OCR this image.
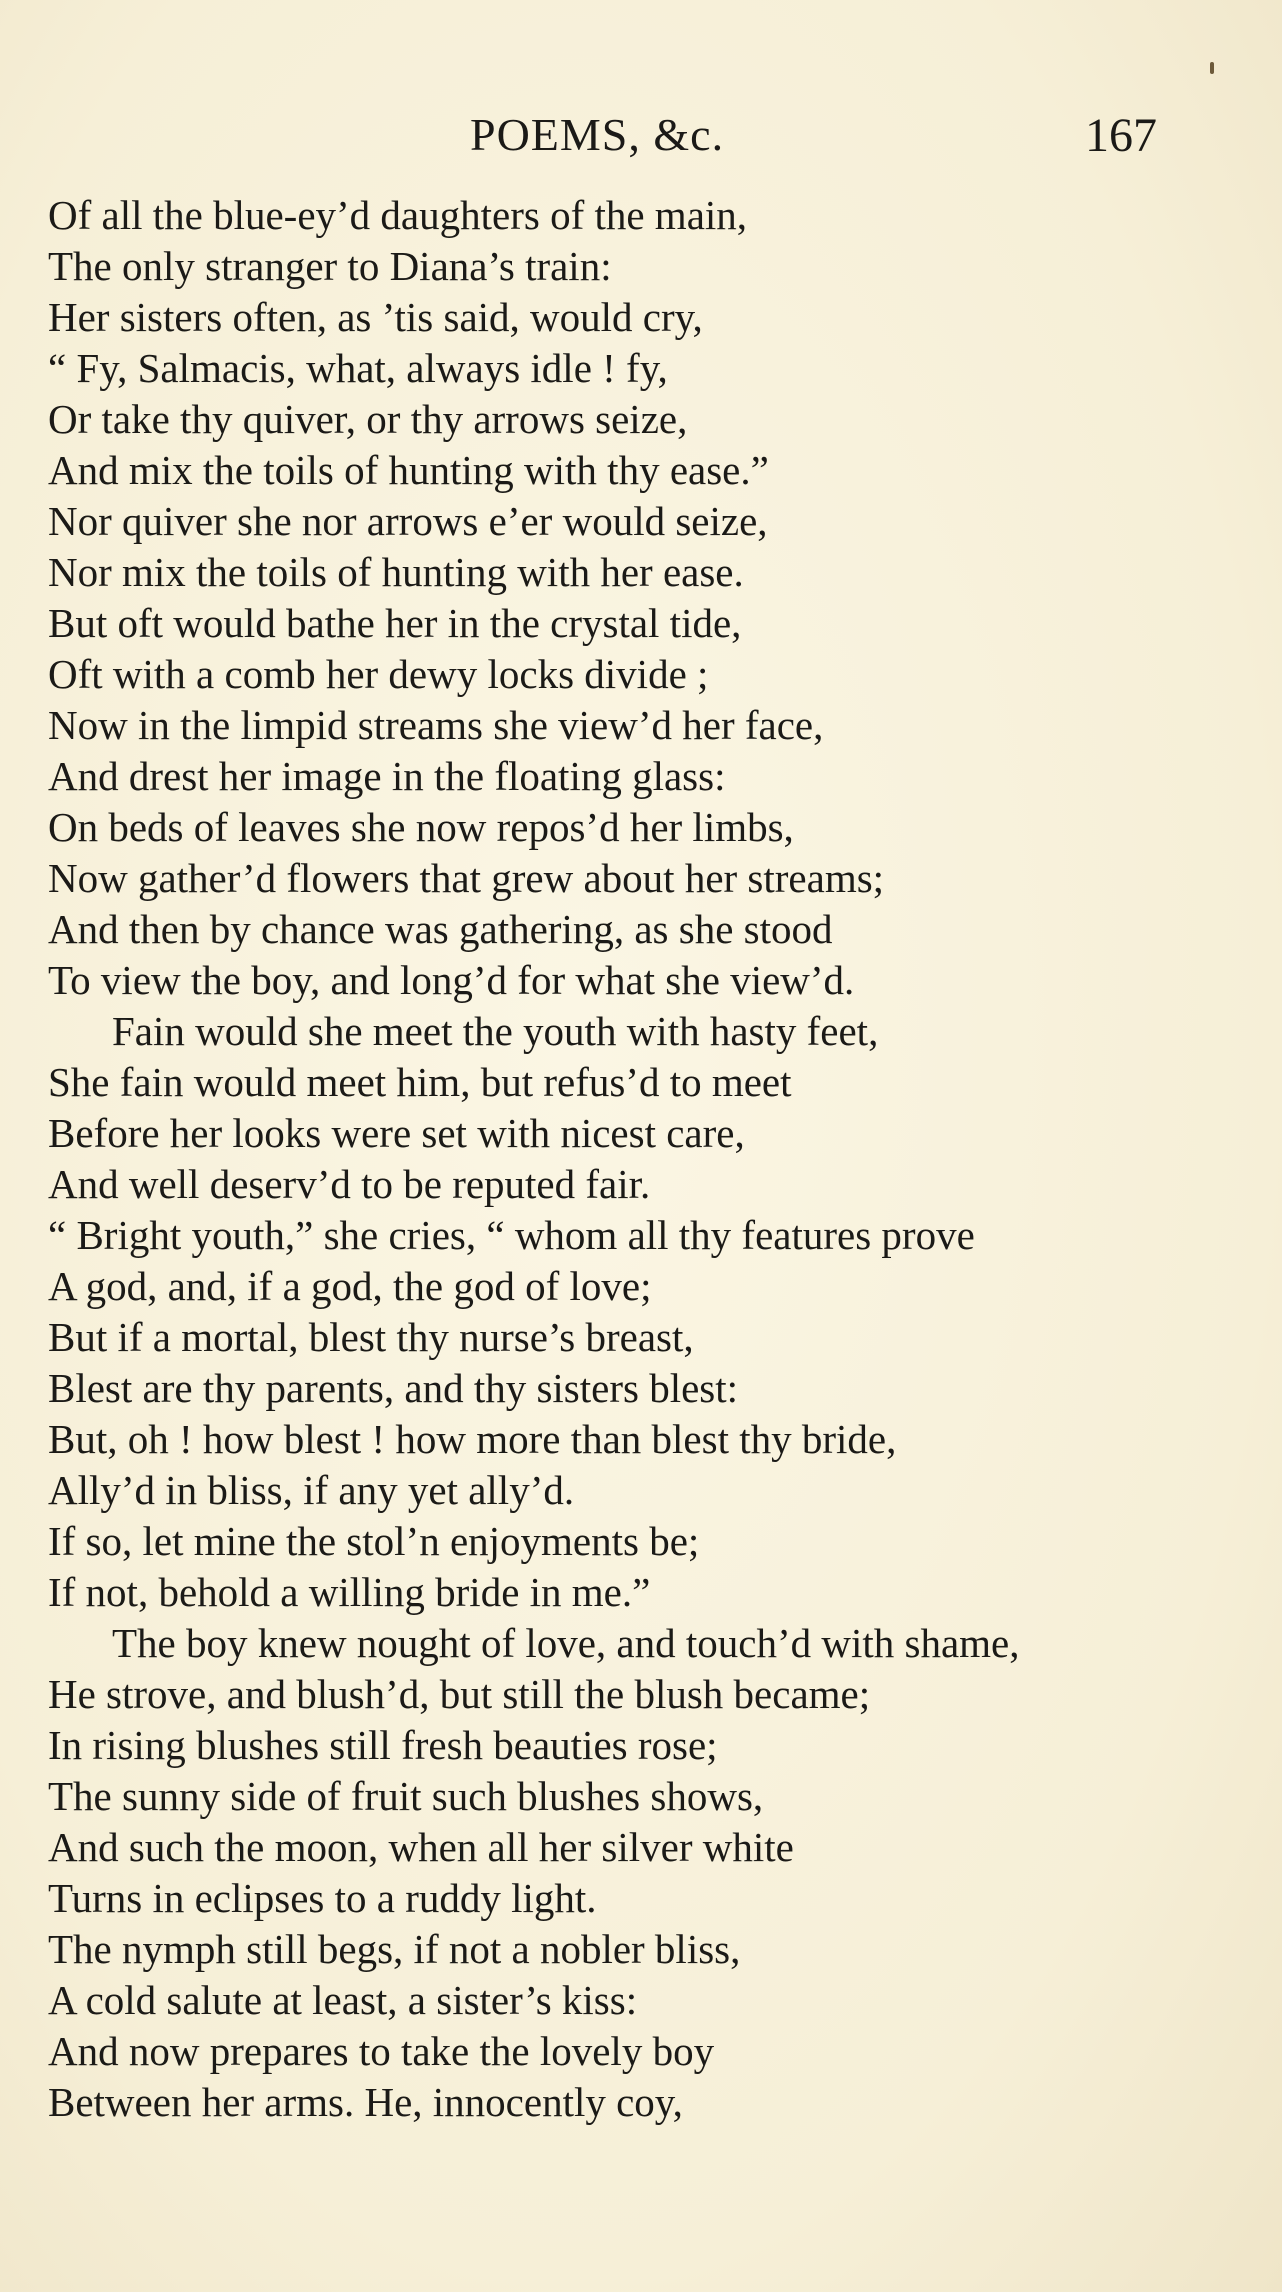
POEMS, &c.	167
Of all the blue-ey’d daughters of the main,
The only stranger to Diana’s train:
Her sisters often, as ’tis said, would cry,
“ Fy, Salmacis, what, always idle ! fy,
Or take thy quiver, or thy arrows seize,
And mix the toils of hunting with thy ease.”
Nor quiver she nor arrows e’er would seize,
Nor mix the toils of hunting with her ease.
But oft would bathe her in the crystal tide,
Oft with a comb her dewy locks divide ;
Now in the limpid streams she view’d her face,
And drest her image in the floating glass:
On beds of leaves she now repos’d her limbs,
Now gather’d flowers that grew about her streams;
And then by chance was gathering, as she stood
To view the boy, and long’d for what she view’d.
Fain would she meet the youth with hasty feet,
She fain would meet him, but refus’d to meet
Before her looks were set with nicest care,
And well deserv’d to be reputed fair.
“ Bright youth,” she cries, “ whom all thy features prove
A god, and, if a god, the god of love;
But if a mortal, blest thy nurse’s breast,
Blest are thy parents, and thy sisters blest:
But, oh ! how blest ! how more than blest thy bride,
Ally’d in bliss, if any yet ally’d.
If so, let mine the stol’n enjoyments be;
If not, behold a willing bride in me.”
The boy knew nought of love, and touch’d with shame,
He strove, and blush’d, but still the blush became;
In rising blushes still fresh beauties rose;
The sunny side of fruit such blushes shows,
And such the moon, when all her silver white
Turns in eclipses to a ruddy light.
The nymph still begs, if not a nobler bliss,
A cold salute at least, a sister’s kiss:
And now prepares to take the lovely boy
Between her arms. He, innocently coy,
